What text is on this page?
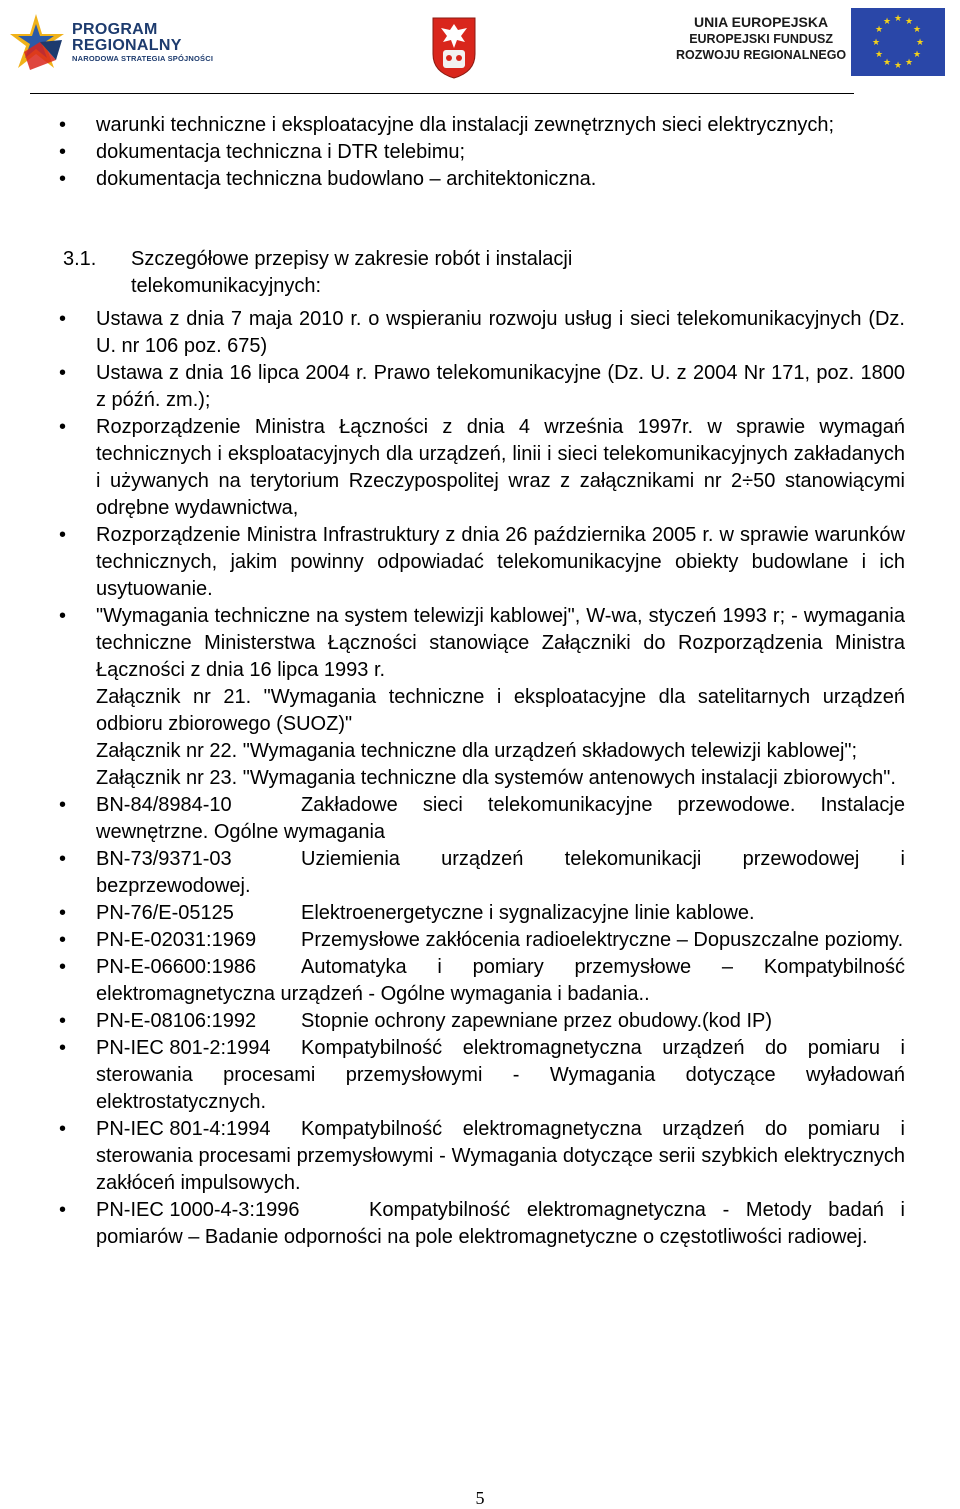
PROGRAM
REGIONALNY
NARODOWA STRATEGIA SPÓJNOŚCI
UNIA EUROPEJSKA
EUROPEJSKI FUNDUSZ
ROZWOJU REGIONALNEGO
★ ★
★
★
★
★
★
★
★
★
★
★
• warunki techniczne i eksploatacyjne dla instalacji zewnętrznych sieci elektrycznych;
• dokumentacja techniczna i DTR telebimu;
• dokumentacja techniczna budowlano – architektoniczna.
3.1.	Szczegółowe przepisy w zakresie robót i instalacji telekomunikacyjnych:
• Ustawa z dnia 7 maja 2010 r. o wspieraniu rozwoju usług i sieci telekomunikacyjnych (Dz. U. nr 106 poz. 675)
• Ustawa z dnia 16 lipca 2004 r. Prawo telekomunikacyjne (Dz. U. z 2004 Nr 171, poz. 1800 z późń. zm.);
• Rozporządzenie Ministra Łączności z dnia 4 września 1997r. w sprawie wymagań technicznych i eksploatacyjnych dla urządzeń, linii i sieci telekomunikacyjnych zakładanych i używanych na terytorium Rzeczypospolitej wraz z załącznikami nr 2÷50 stanowiącymi odrębne wydawnictwa,
• Rozporządzenie Ministra Infrastruktury z dnia 26 października 2005 r. w sprawie warunków technicznych, jakim powinny odpowiadać telekomunikacyjne obiekty budowlane i ich usytuowanie.
• "Wymagania techniczne na system telewizji kablowej", W-wa, styczeń 1993 r; - wymagania techniczne Ministerstwa Łączności stanowiące Załączniki do Rozporządzenia Ministra Łączności z dnia 16 lipca 1993 r.
Załącznik nr 21. "Wymagania techniczne i eksploatacyjne dla satelitarnych urządzeń odbioru zbiorowego (SUOZ)"
Załącznik nr 22. "Wymagania techniczne dla urządzeń składowych telewizji kablowej";
Załącznik nr 23. "Wymagania techniczne dla systemów antenowych instalacji zbiorowych".
• BN-84/8984-10	Zakładowe sieci telekomunikacyjne przewodowe. Instalacje wewnętrzne. Ogólne wymagania
• BN-73/9371-03	Uziemienia urządzeń telekomunikacji przewodowej i bezprzewodowej.
• PN-76/E-05125	Elektroenergetyczne i sygnalizacyjne linie kablowe.
• PN-E-02031:1969 Przemysłowe zakłócenia radioelektryczne – Dopuszczalne poziomy.
• PN-E-06600:1986 Automatyka i pomiary przemysłowe – Kompatybilność elektromagnetyczna urządzeń - Ogólne wymagania i badania..
• PN-E-08106:1992 Stopnie ochrony zapewniane przez obudowy.(kod IP)
• PN-IEC 801-2:1994 Kompatybilność elektromagnetyczna urządzeń do pomiaru i sterowania procesami przemysłowymi - Wymagania dotyczące wyładowań elektrostatycznych.
• PN-IEC 801-4:1994 Kompatybilność elektromagnetyczna urządzeń do pomiaru i sterowania procesami przemysłowymi - Wymagania dotyczące serii szybkich elektrycznych zakłóceń impulsowych.
• PN-IEC 1000-4-3:1996	Kompatybilność elektromagnetyczna - Metody badań i pomiarów – Badanie odporności na pole elektromagnetyczne o częstotliwości radiowej.
5
